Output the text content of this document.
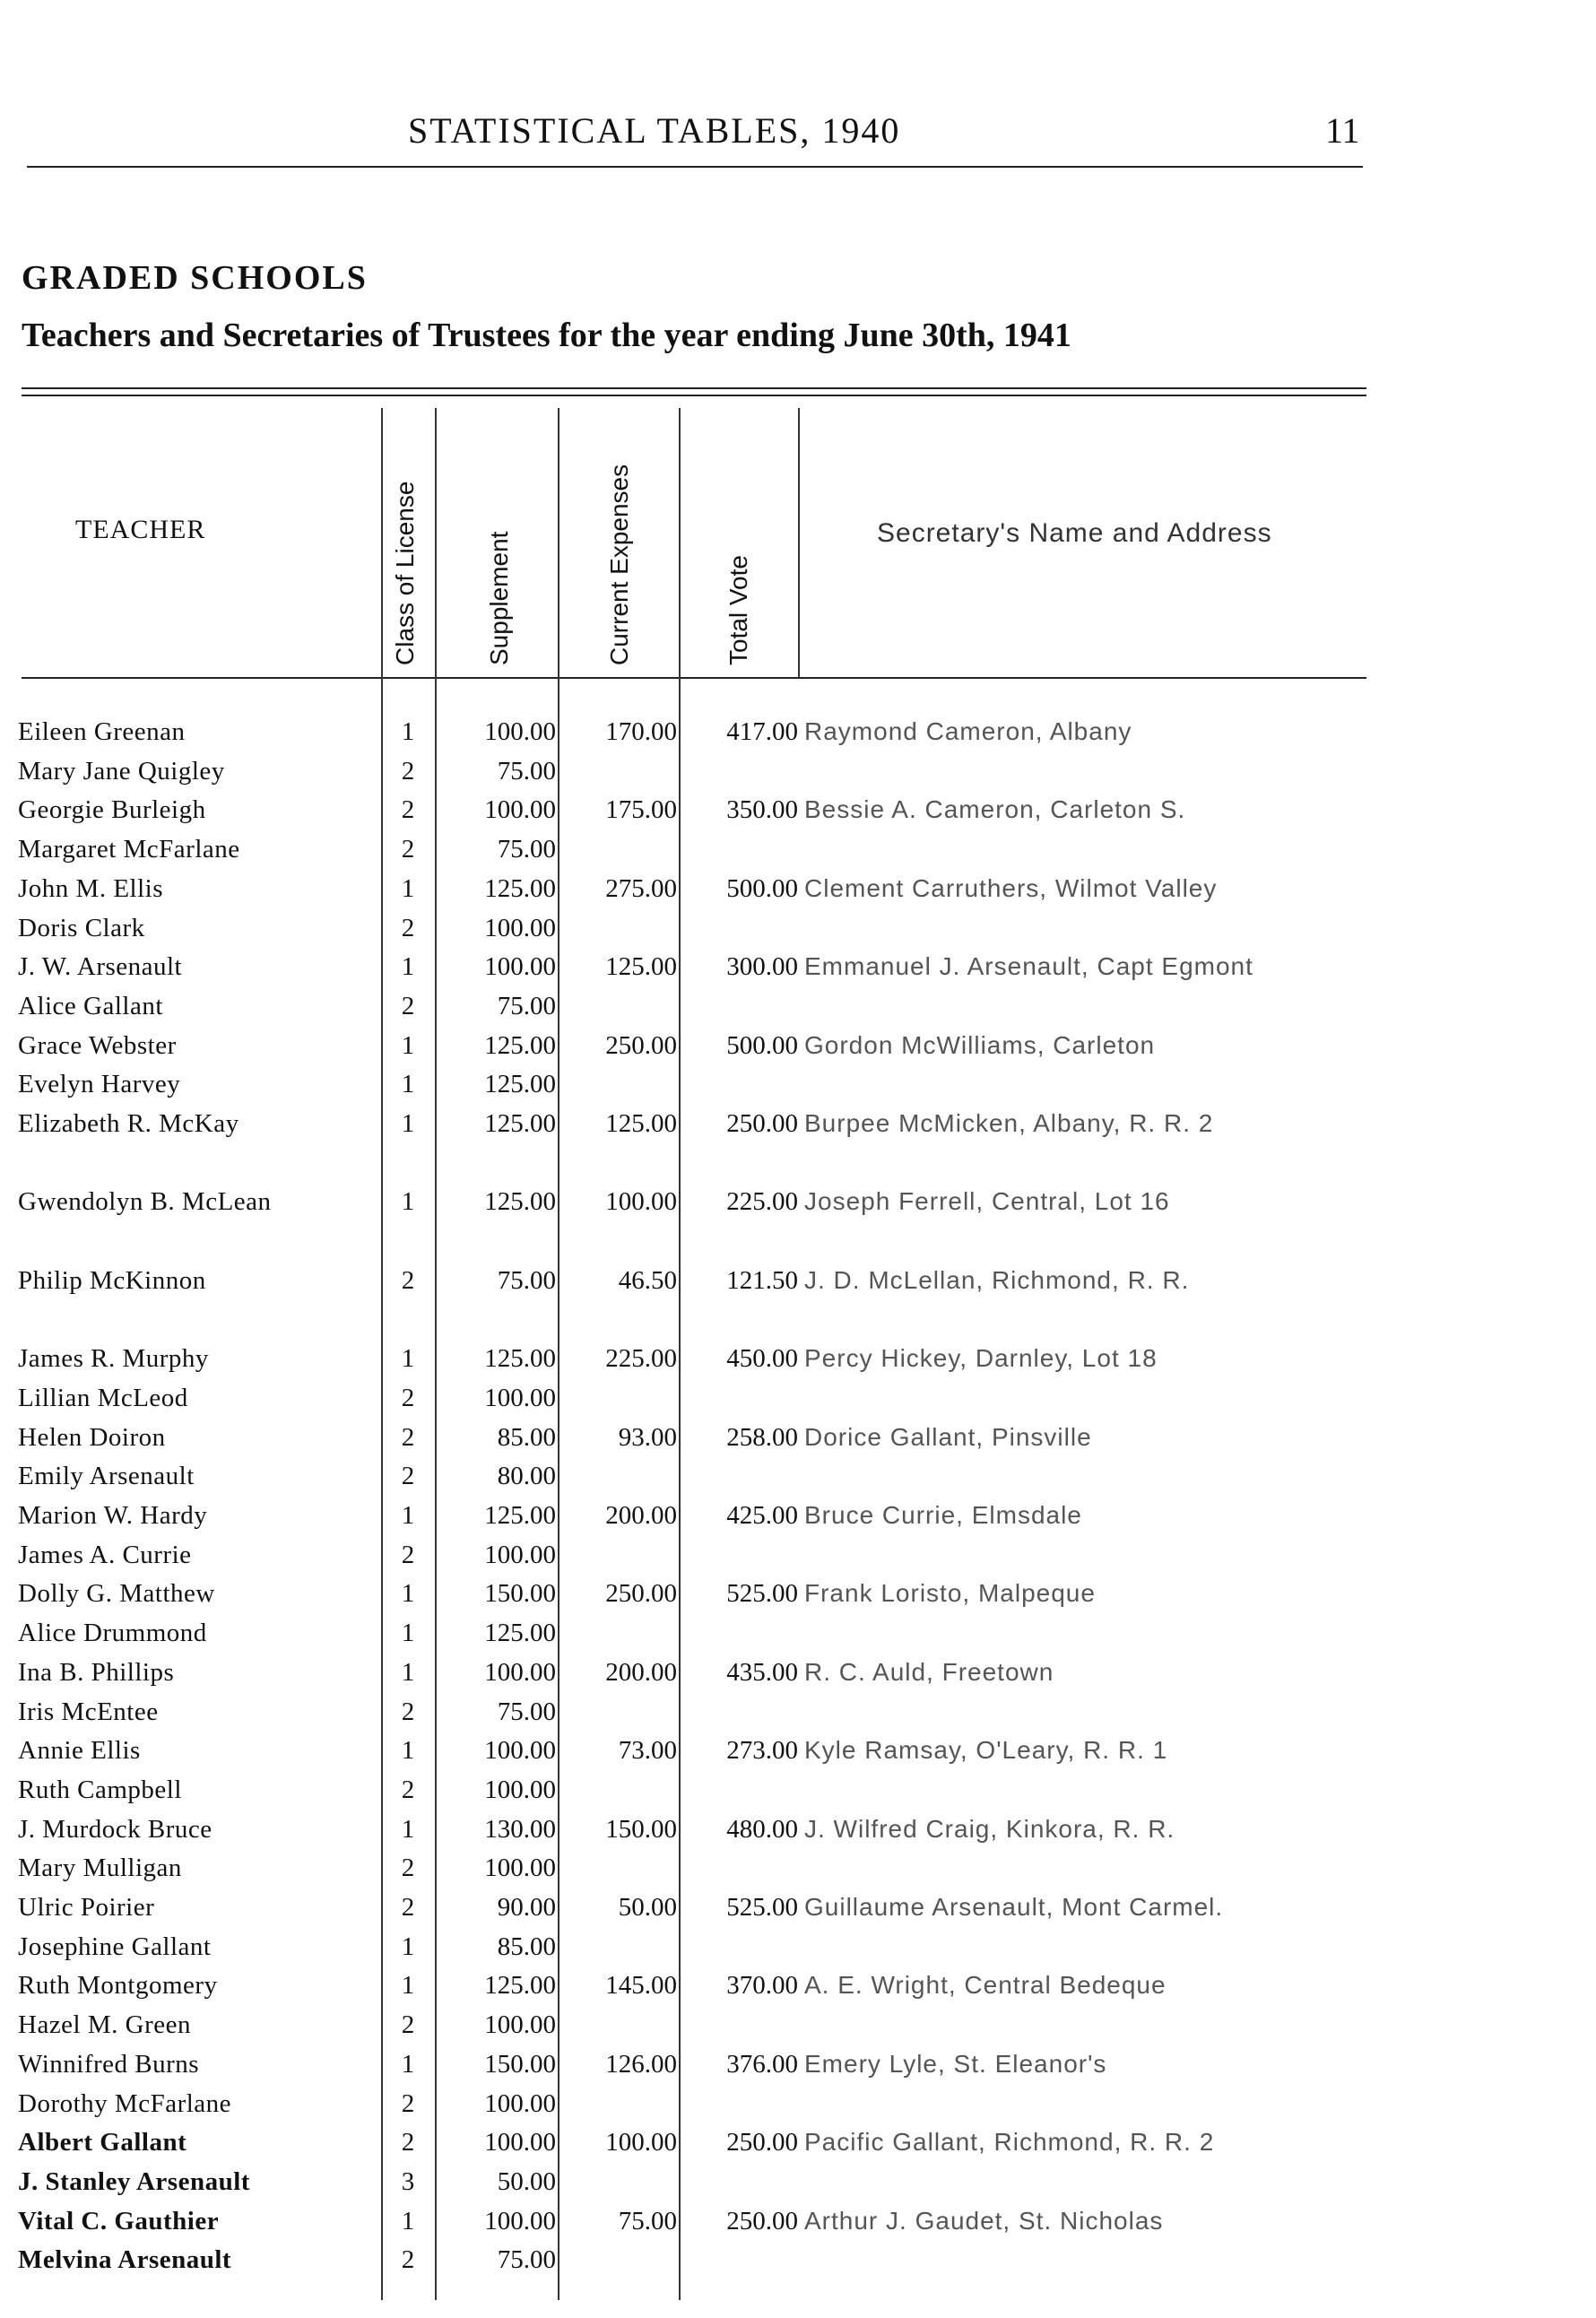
STATISTICAL TABLES, 1940	11
GRADED SCHOOLS
Teachers and Secretaries of Trustees for the year ending June 30th, 1941
TEACHER	Class of License	Supplement	Current Expenses	Total Vote
Secretary's Name and Address
Eileen Greenan	1	100.00	170.00	417.00 Raymond Cameron, Albany
Mary Jane Quigley	2	75.00
Georgie Burleigh	2	100.00	175.00	350.00 Bessie A. Cameron, Carleton S.
Margaret McFarlane	2	75.00
John M. Ellis	1	125.00	275.00	500.00 Clement Carruthers, Wilmot Valley
Doris Clark	2	100.00
J. W. Arsenault	1	100.00	125.00	300.00 Emmanuel J. Arsenault, Capt Egmont
Alice Gallant	2	75.00
Grace Webster	1	125.00	250.00	500.00 Gordon McWilliams, Carleton
Evelyn Harvey	1	125.00
Elizabeth R. McKay	1	125.00	125.00	250.00 Burpee McMicken, Albany, R. R. 2
Gwendolyn B. McLean	1	125.00	100.00	225.00 Joseph Ferrell, Central, Lot 16
Philip McKinnon	2	75.00	46.50	121.50 J. D. McLellan, Richmond, R. R.
James R. Murphy	1	125.00	225.00	450.00 Percy Hickey, Darnley, Lot 18
Lillian McLeod	2	100.00
Helen Doiron	2	85.00	93.00	258.00 Dorice Gallant, Pinsville
Emily Arsenault	2	80.00
Marion W. Hardy	1	125.00	200.00	425.00 Bruce Currie, Elmsdale
James A. Currie	2	100.00
Dolly G. Matthew	1	150.00	250.00	525.00 Frank Loristo, Malpeque
Alice Drummond	1	125.00
Ina B. Phillips	1	100.00	200.00	435.00 R. C. Auld, Freetown
Iris McEntee	2	75.00
Annie Ellis	1	100.00	73.00	273.00 Kyle Ramsay, O'Leary, R. R. 1
Ruth Campbell	2	100.00
J. Murdock Bruce	1	130.00	150.00	480.00 J. Wilfred Craig, Kinkora, R. R.
Mary Mulligan	2	100.00
Ulric Poirier	2	90.00	50.00	525.00 Guillaume Arsenault, Mont Carmel.
Josephine Gallant	1	85.00
Ruth Montgomery	1	125.00	145.00	370.00 A. E. Wright, Central Bedeque
Hazel M. Green	2	100.00
Winnifred Burns	1	150.00	126.00	376.00 Emery Lyle, St. Eleanor's
Dorothy McFarlane	2	100.00
Albert Gallant	2	100.00	100.00	250.00 Pacific Gallant, Richmond, R. R. 2
J. Stanley Arsenault	3	50.00
Vital C. Gauthier	1	100.00	75.00	250.00 Arthur J. Gaudet, St. Nicholas
Melvina Arsenault	2	75.00
